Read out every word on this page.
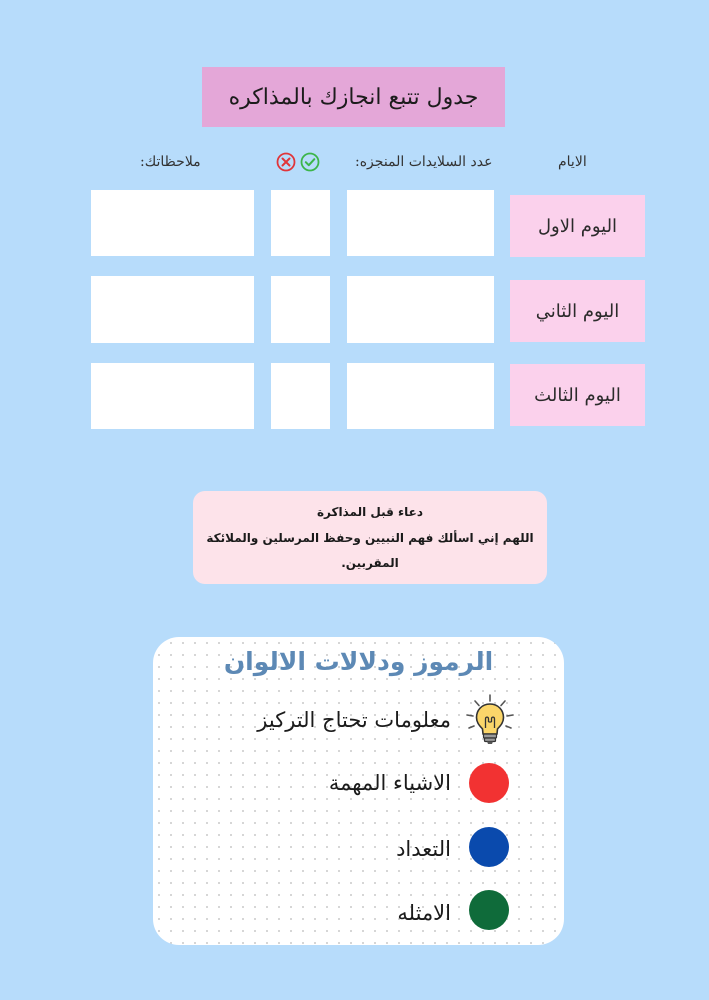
جدول تتبع انجازك بالمذاكره
الايام
عدد السلايدات المنجزه:
ملاحظاتك:
اليوم الاول
اليوم الثاني
اليوم الثالث
دعاء قبل المذاكرة
اللهم إني اسألك فهم النبيين وحفظ المرسلين والملائكة
المقربين.
الرموز ودلالات الالوان
معلومات تحتاج التركيز
الاشياء المهمة
التعداد
الامثله
